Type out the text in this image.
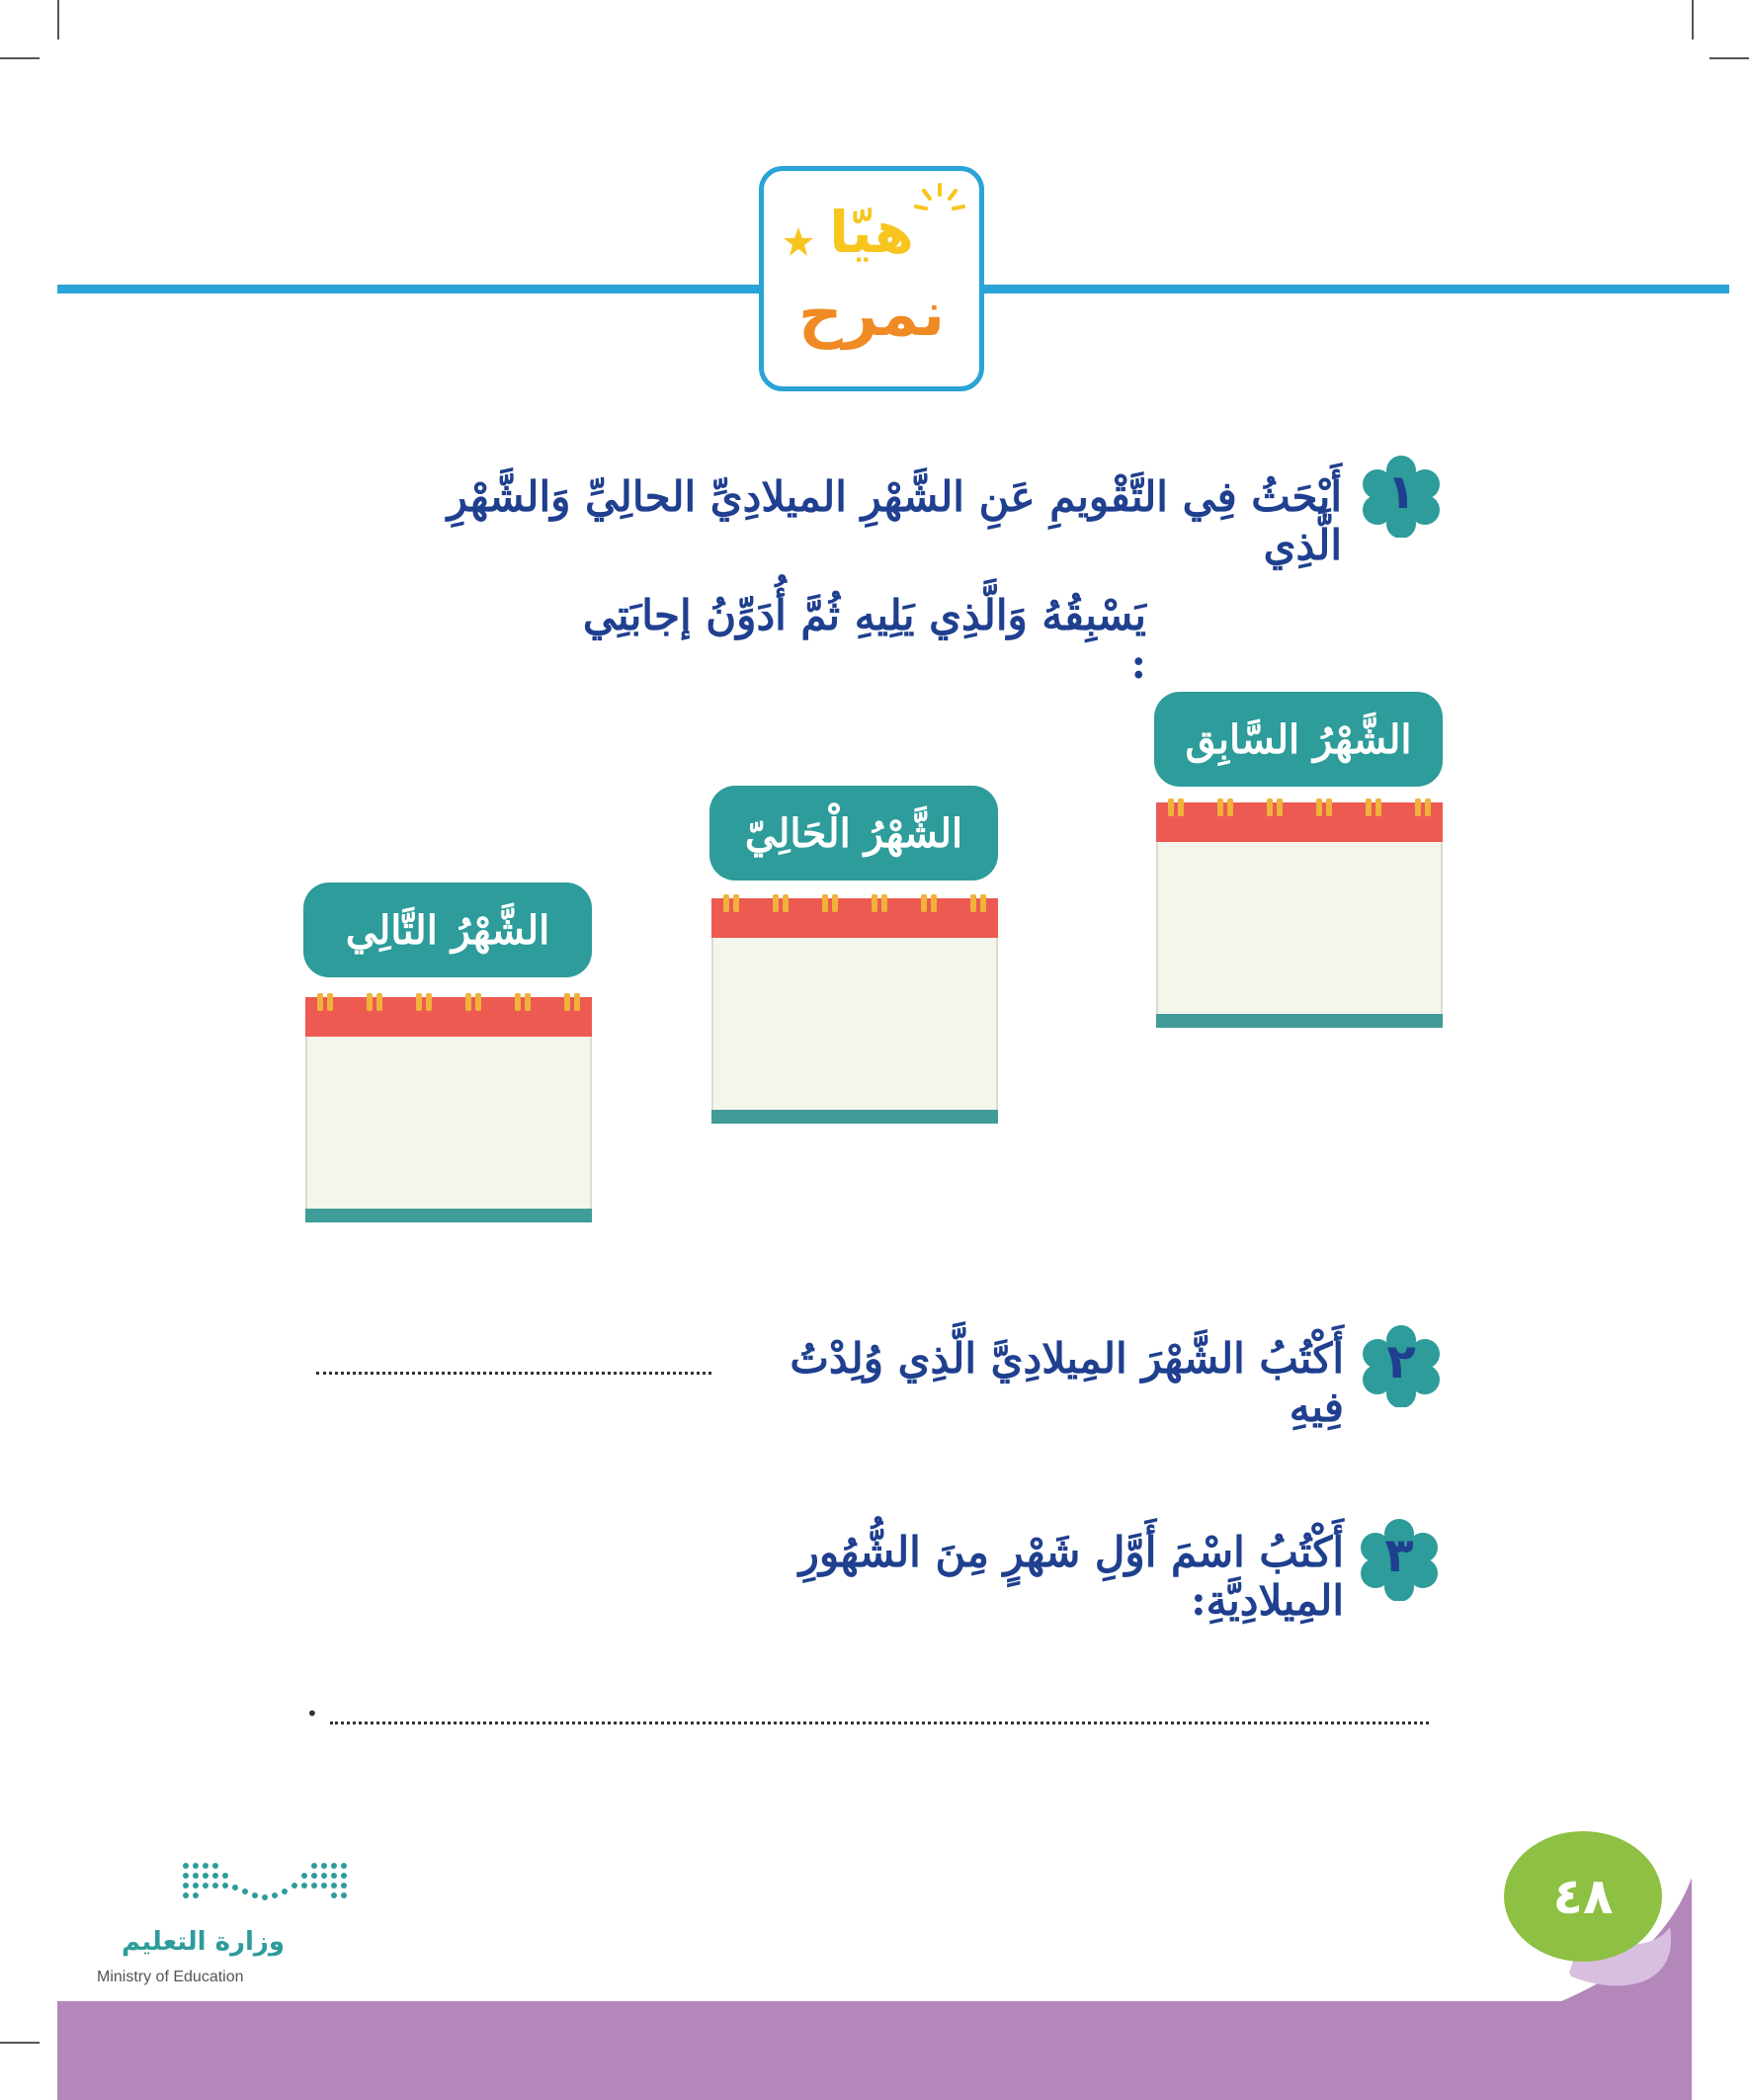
هيّا
نمرح
١
أَبْحَثُ فِي التَّقْويمِ عَنِ الشَّهْرِ الميلادِيِّ الحالِيِّ وَالشَّهْرِ الَّذِي
يَسْبِقُهُ وَالَّذِي يَلِيهِ ثُمَّ أُدَوِّنُ إجابَتِي :
الشَّهْرُ السَّابِق
الشَّهْرُ الْحَالِيّ
الشَّهْرُ التَّالِي
٢
أَكْتُبُ الشَّهْرَ المِيلادِيَّ الَّذِي وُلِدْتُ فِيهِ
٣
أَكْتُبُ اسْمَ أَوَّلِ شَهْرٍ مِنَ الشُّهُورِ المِيلادِيَّةِ:
•
٤٨
وزارة التعليم
Ministry of Education
